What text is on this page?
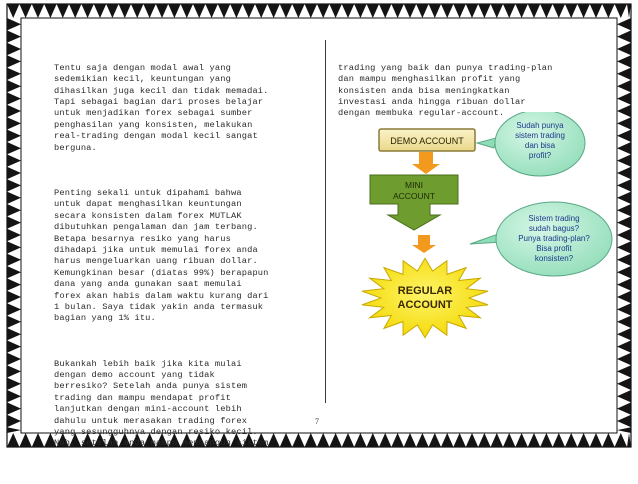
Tentu saja dengan modal awal yang
sedemikian kecil, keuntungan yang
dihasilkan juga kecil dan tidak memadai.
Tapi sebagai bagian dari proses belajar
untuk menjadikan forex sebagai sumber
penghasilan yang konsisten, melakukan
real-trading dengan modal kecil sangat
berguna.

Penting sekali untuk dipahami bahwa
untuk dapat menghasilkan keuntungan
secara konsisten dalam forex MUTLAK
dibutuhkan pengalaman dan jam terbang.
Betapa besarnya resiko yang harus
dihadapi jika untuk memulai forex anda
harus mengeluarkan uang ribuan dollar.
Kemungkinan besar (diatas 99%) berapapun
dana yang anda gunakan saat memulai
forex akan habis dalam waktu kurang dari
1 bulan. Saya tidak yakin anda termasuk
bagian yang 1% itu.

Bukankah lebih baik jika kita mulai
dengan demo account yang tidak
berresiko? Setelah anda punya sistem
trading dan mampu mendapat profit
lanjutkan dengan mini-account lebih
dahulu untuk merasakan trading forex
yang sesungguhnya dengan resiko kecil.
Nah, setelah anda mampu membangun sistem

trading yang baik dan punya trading-plan
dan mampu menghasilkan profit yang
konsisten anda bisa meningkatkan
investasi anda hingga ribuan dollar
dengan membuka regular-account.

DEMO ACCOUNT
MINI
ACCOUNT
REGULAR
ACCOUNT
Sudah punya
sistem trading
dan bisa
profit?
Sistem trading
sudah bagus?
Punya trading-plan?
Bisa profit
konsisten?
7
